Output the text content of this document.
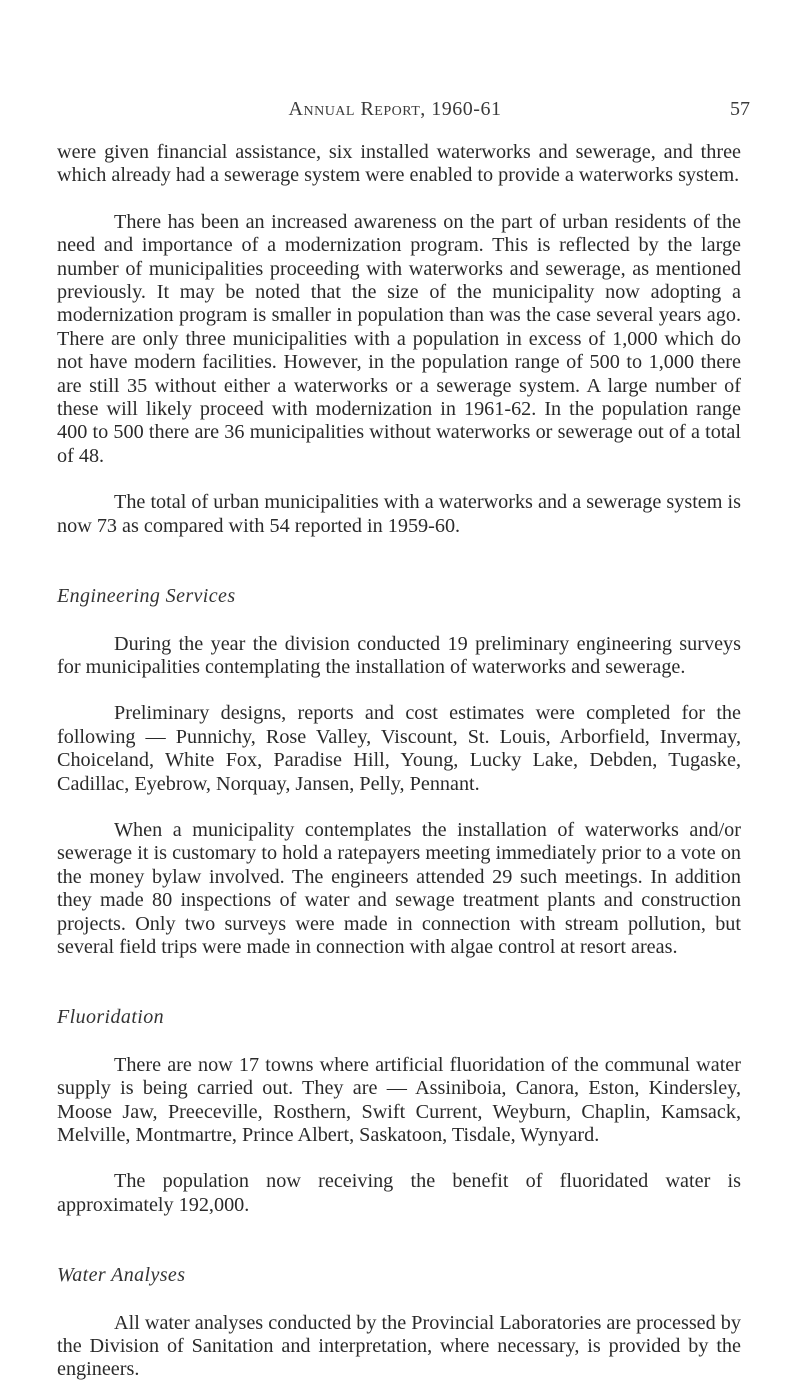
Annual Report, 1960-61	57

were given financial assistance, six installed waterworks and sewerage, and three which already had a sewerage system were enabled to provide a waterworks system.

There has been an increased awareness on the part of urban residents of the need and importance of a modernization program. This is reflected by the large number of municipalities proceeding with waterworks and sewerage, as mentioned previously. It may be noted that the size of the municipality now adopting a modernization program is smaller in population than was the case several years ago. There are only three municipalities with a population in excess of 1,000 which do not have modern facilities. However, in the population range of 500 to 1,000 there are still 35 without either a waterworks or a sewerage system. A large number of these will likely proceed with modernization in 1961-62. In the population range 400 to 500 there are 36 municipalities without waterworks or sewerage out of a total of 48.

The total of urban municipalities with a waterworks and a sewerage system is now 73 as compared with 54 reported in 1959-60.

Engineering Services

During the year the division conducted 19 preliminary engineering surveys for municipalities contemplating the installation of waterworks and sewerage.

Preliminary designs, reports and cost estimates were completed for the following — Punnichy, Rose Valley, Viscount, St. Louis, Arborfield, Invermay, Choiceland, White Fox, Paradise Hill, Young, Lucky Lake, Debden, Tugaske, Cadillac, Eyebrow, Norquay, Jansen, Pelly, Pennant.

When a municipality contemplates the installation of waterworks and/or sewerage it is customary to hold a ratepayers meeting immediately prior to a vote on the money bylaw involved. The engineers attended 29 such meetings. In addition they made 80 inspections of water and sewage treatment plants and construction projects. Only two surveys were made in connection with stream pollution, but several field trips were made in connection with algae control at resort areas.

Fluoridation

There are now 17 towns where artificial fluoridation of the communal water supply is being carried out. They are — Assiniboia, Canora, Eston, Kindersley, Moose Jaw, Preeceville, Rosthern, Swift Current, Weyburn, Chaplin, Kamsack, Melville, Montmartre, Prince Albert, Saskatoon, Tisdale, Wynyard.

The population now receiving the benefit of fluoridated water is approximately 192,000.

Water Analyses

All water analyses conducted by the Provincial Laboratories are processed by the Division of Sanitation and interpretation, where necessary, is provided by the engineers.
